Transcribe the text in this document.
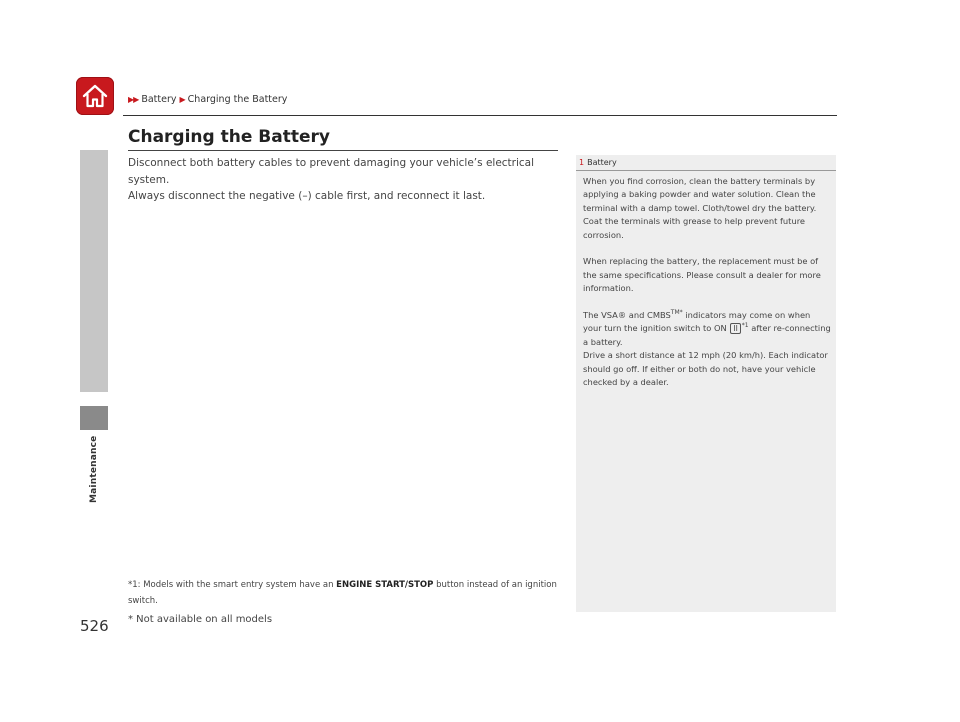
▶▶ Battery ▶ Charging the Battery
Maintenance
526
Charging the Battery

Disconnect both battery cables to prevent damaging your vehicle’s electrical system.
Always disconnect the negative (–) cable first, and reconnect it last.

*1: Models with the smart entry system have an ENGINE START/STOP button instead of an ignition switch.

* Not available on all models
1 Battery

When you find corrosion, clean the battery terminals by applying a baking powder and water solution. Clean the terminal with a damp towel. Cloth/towel dry the battery. Coat the terminals with grease to help prevent future corrosion.

When replacing the battery, the replacement must be of the same specifications. Please consult a dealer for more information.

The VSA® and $CMBS^{TM*}$ indicators may come on when your turn the ignition switch to ON II $^{*1}$ after re-connecting a battery.

Drive a short distance at 12 mph (20 km/h). Each indicator should go off. If either or both do not, have your vehicle checked by a dealer.
